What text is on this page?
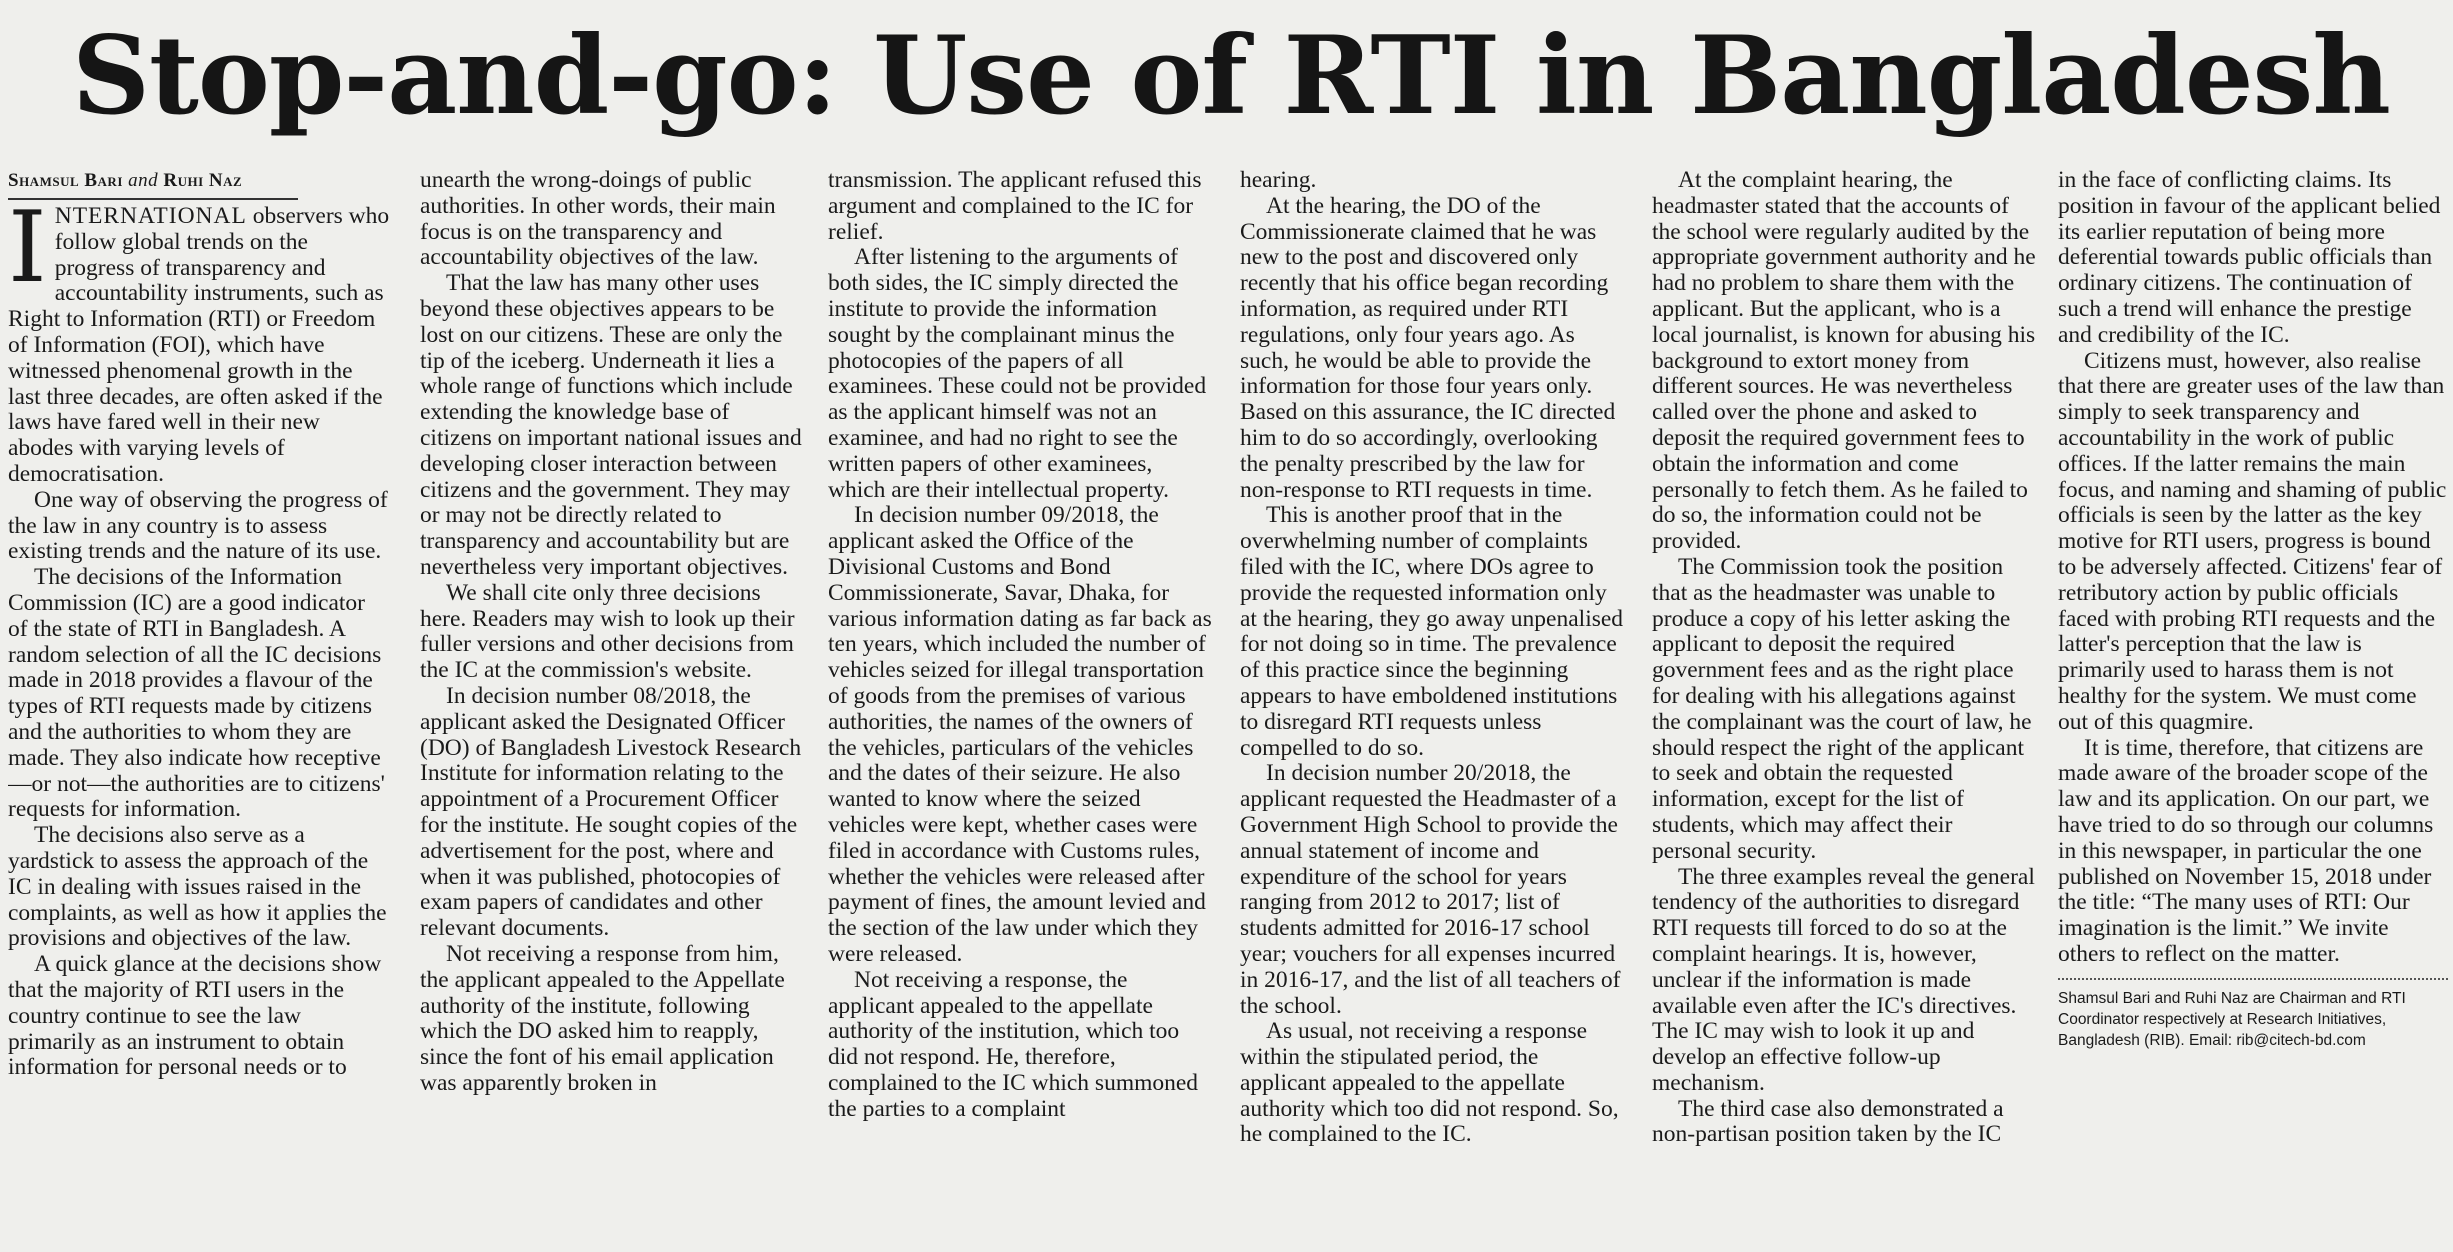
Stop-and-go: Use of RTI in Bangladesh
Shamsul Bari and Ruhi Naz

INTERNATIONAL observers who follow global trends on the progress of transparency and accountability instruments, such as Right to Information (RTI) or Freedom of Information (FOI), which have witnessed phenomenal growth in the last three decades, are often asked if the laws have fared well in their new abodes with varying levels of democratisation.

One way of observing the progress of the law in any country is to assess existing trends and the nature of its use.

The decisions of the Information Commission (IC) are a good indicator of the state of RTI in Bangladesh. A random selection of all the IC decisions made in 2018 provides a flavour of the types of RTI requests made by citizens and the authorities to whom they are made. They also indicate how receptive—or not—the authorities are to citizens' requests for information.

The decisions also serve as a yardstick to assess the approach of the IC in dealing with issues raised in the complaints, as well as how it applies the provisions and objectives of the law.

A quick glance at the decisions show that the majority of RTI users in the country continue to see the law primarily as an instrument to obtain information for personal needs or to

unearth the wrong-doings of public authorities. In other words, their main focus is on the transparency and accountability objectives of the law.

That the law has many other uses beyond these objectives appears to be lost on our citizens. These are only the tip of the iceberg. Underneath it lies a whole range of functions which include extending the knowledge base of citizens on important national issues and developing closer interaction between citizens and the government. They may or may not be directly related to transparency and accountability but are nevertheless very important objectives.

We shall cite only three decisions here. Readers may wish to look up their fuller versions and other decisions from the IC at the commission's website.

In decision number 08/2018, the applicant asked the Designated Officer (DO) of Bangladesh Livestock Research Institute for information relating to the appointment of a Procurement Officer for the institute. He sought copies of the advertisement for the post, where and when it was published, photocopies of exam papers of candidates and other relevant documents.

Not receiving a response from him, the applicant appealed to the Appellate authority of the institute, following which the DO asked him to reapply, since the font of his email application was apparently broken in

transmission. The applicant refused this argument and complained to the IC for relief.

After listening to the arguments of both sides, the IC simply directed the institute to provide the information sought by the complainant minus the photocopies of the papers of all examinees. These could not be provided as the applicant himself was not an examinee, and had no right to see the written papers of other examinees, which are their intellectual property.

In decision number 09/2018, the applicant asked the Office of the Divisional Customs and Bond Commissionerate, Savar, Dhaka, for various information dating as far back as ten years, which included the number of vehicles seized for illegal transportation of goods from the premises of various authorities, the names of the owners of the vehicles, particulars of the vehicles and the dates of their seizure. He also wanted to know where the seized vehicles were kept, whether cases were filed in accordance with Customs rules, whether the vehicles were released after payment of fines, the amount levied and the section of the law under which they were released.

Not receiving a response, the applicant appealed to the appellate authority of the institution, which too did not respond. He, therefore, complained to the IC which summoned the parties to a complaint

hearing.

At the hearing, the DO of the Commissionerate claimed that he was new to the post and discovered only recently that his office began recording information, as required under RTI regulations, only four years ago. As such, he would be able to provide the information for those four years only. Based on this assurance, the IC directed him to do so accordingly, overlooking the penalty prescribed by the law for non-response to RTI requests in time.

This is another proof that in the overwhelming number of complaints filed with the IC, where DOs agree to provide the requested information only at the hearing, they go away unpenalised for not doing so in time. The prevalence of this practice since the beginning appears to have emboldened institutions to disregard RTI requests unless compelled to do so.

In decision number 20/2018, the applicant requested the Headmaster of a Government High School to provide the annual statement of income and expenditure of the school for years ranging from 2012 to 2017; list of students admitted for 2016-17 school year; vouchers for all expenses incurred in 2016-17, and the list of all teachers of the school.

As usual, not receiving a response within the stipulated period, the applicant appealed to the appellate authority which too did not respond. So, he complained to the IC.

At the complaint hearing, the headmaster stated that the accounts of the school were regularly audited by the appropriate government authority and he had no problem to share them with the applicant. But the applicant, who is a local journalist, is known for abusing his background to extort money from different sources. He was nevertheless called over the phone and asked to deposit the required government fees to obtain the information and come personally to fetch them. As he failed to do so, the information could not be provided.

The Commission took the position that as the headmaster was unable to produce a copy of his letter asking the applicant to deposit the required government fees and as the right place for dealing with his allegations against the complainant was the court of law, he should respect the right of the applicant to seek and obtain the requested information, except for the list of students, which may affect their personal security.

The three examples reveal the general tendency of the authorities to disregard RTI requests till forced to do so at the complaint hearings. It is, however, unclear if the information is made available even after the IC's directives. The IC may wish to look it up and develop an effective follow-up mechanism.

The third case also demonstrated a non-partisan position taken by the IC

in the face of conflicting claims. Its position in favour of the applicant belied its earlier reputation of being more deferential towards public officials than ordinary citizens. The continuation of such a trend will enhance the prestige and credibility of the IC.

Citizens must, however, also realise that there are greater uses of the law than simply to seek transparency and accountability in the work of public offices. If the latter remains the main focus, and naming and shaming of public officials is seen by the latter as the key motive for RTI users, progress is bound to be adversely affected. Citizens' fear of retributory action by public officials faced with probing RTI requests and the latter's perception that the law is primarily used to harass them is not healthy for the system. We must come out of this quagmire.

It is time, therefore, that citizens are made aware of the broader scope of the law and its application. On our part, we have tried to do so through our columns in this newspaper, in particular the one published on November 15, 2018 under the title: “The many uses of RTI: Our imagination is the limit.” We invite others to reflect on the matter.

Shamsul Bari and Ruhi Naz are Chairman and RTI Coordinator respectively at Research Initiatives, Bangladesh (RIB). Email: rib@citech-bd.com
